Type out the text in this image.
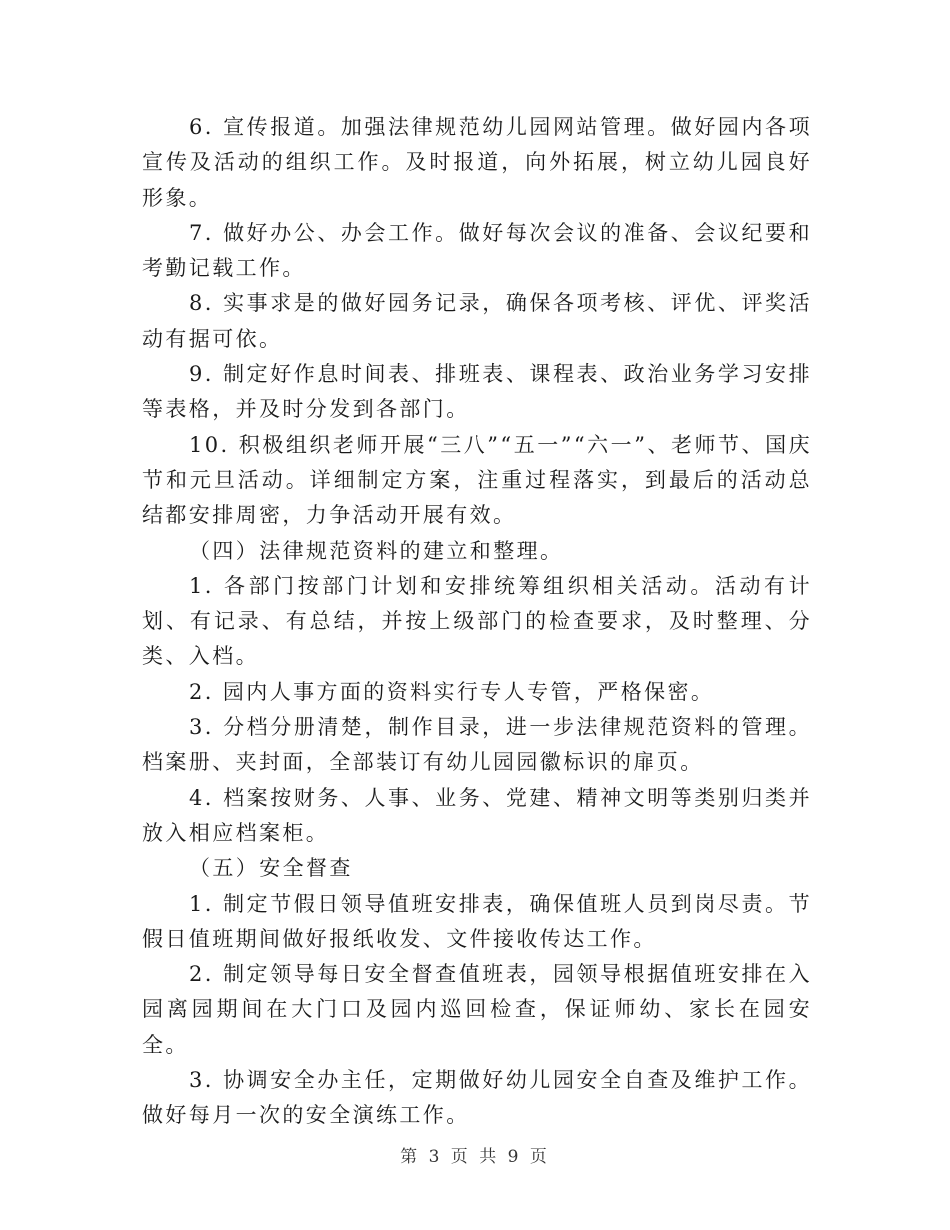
6. 宣传报道。加强法律规范幼儿园网站管理。做好园内各项宣传及活动的组织工作。及时报道，向外拓展，树立幼儿园良好形象。

7. 做好办公、办会工作。做好每次会议的准备、会议纪要和考勤记载工作。

8. 实事求是的做好园务记录，确保各项考核、评优、评奖活动有据可依。

9. 制定好作息时间表、排班表、课程表、政治业务学习安排等表格，并及时分发到各部门。

10. 积极组织老师开展“三八”“五一”“六一”、老师节、国庆节和元旦活动。详细制定方案，注重过程落实，到最后的活动总结都安排周密，力争活动开展有效。

（四）法律规范资料的建立和整理。

1. 各部门按部门计划和安排统筹组织相关活动。活动有计划、有记录、有总结，并按上级部门的检查要求，及时整理、分类、入档。

2. 园内人事方面的资料实行专人专管，严格保密。

3. 分档分册清楚，制作目录，进一步法律规范资料的管理。档案册、夹封面，全部装订有幼儿园园徽标识的扉页。

4. 档案按财务、人事、业务、党建、精神文明等类别归类并放入相应档案柜。

（五）安全督查

1. 制定节假日领导值班安排表，确保值班人员到岗尽责。节假日值班期间做好报纸收发、文件接收传达工作。

2. 制定领导每日安全督查值班表，园领导根据值班安排在入园离园期间在大门口及园内巡回检查，保证师幼、家长在园安全。

3. 协调安全办主任，定期做好幼儿园安全自查及维护工作。做好每月一次的安全演练工作。

第 3 页 共 9 页
